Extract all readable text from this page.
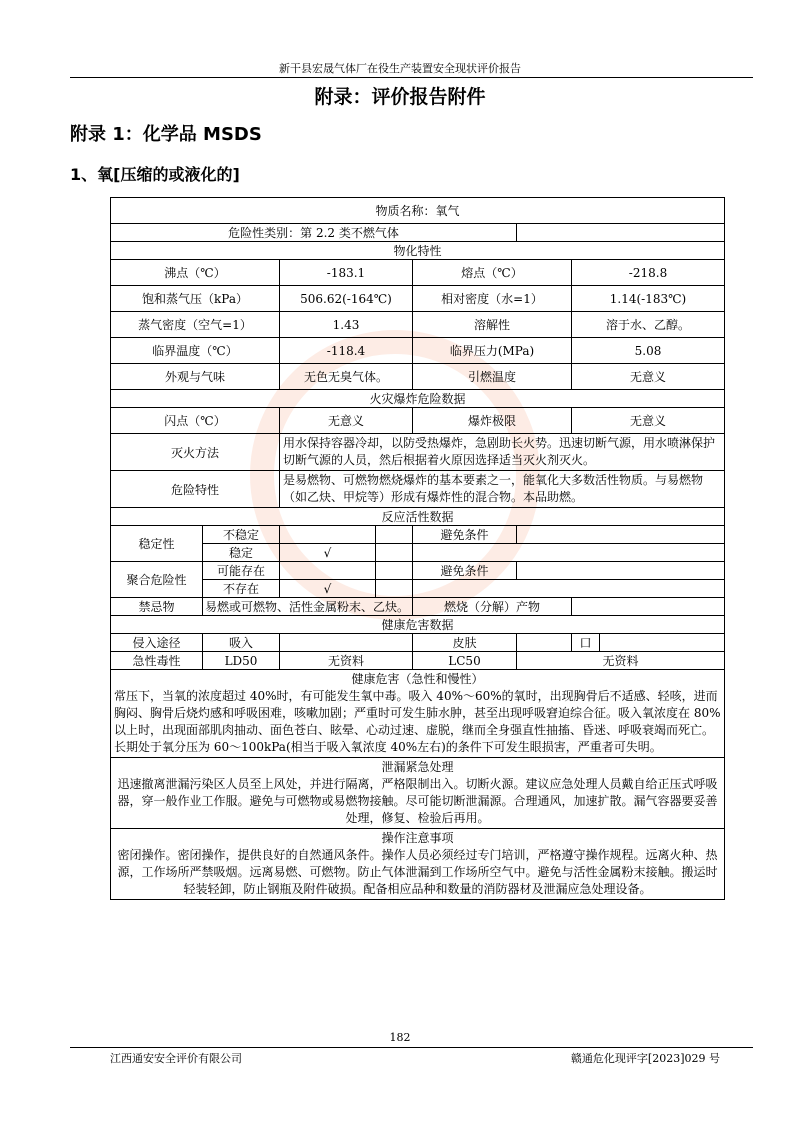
新干县宏晟气体厂在役生产装置安全现状评价报告
附录：评价报告附件
附录 1：化学品 MSDS
1、氧[压缩的或液化的]
物质名称：氧气							
危险性类别：第 2.2 类不燃气体							
物化特性							
沸点（℃）		-183.1		熔点（℃）		-218.8	
饱和蒸气压（kPa）		506.62(-164℃)		相对密度（水=1）		1.14(-183℃)	
蒸气密度（空气=1）		1.43		溶解性		溶于水、乙醇。	
临界温度（℃）		-118.4		临界压力(MPa)		5.08	
外观与气味		无色无臭气体。		引燃温度		无意义	
火灾爆炸危险数据							
闪点（℃）		无意义		爆炸极限		无意义	
灭火方法		用水保持容器冷却，以防受热爆炸，急剧助长火势。迅速切断气源，用水喷淋保护切断气源的人员，然后根据着火原因选择适当灭火剂灭火。					
危险特性		是易燃物、可燃物燃烧爆炸的基本要素之一，能氧化大多数活性物质。与易燃物（如乙炔、甲烷等）形成有爆炸性的混合物。本品助燃。					
反应活性数据							
稳定性	不稳定			避免条件			
	稳定	√					
聚合危险性	可能存在			避免条件			
	不存在	√					
禁忌物	易燃或可燃物、活性金属粉末、乙炔。			燃烧（分解）产物			
健康危害数据							
侵入途径	吸入			皮肤		口	
急性毒性	LD50	无资料		LC50	无资料		

健康危害（急性和慢性）
常压下，当氧的浓度超过 40%时，有可能发生氧中毒。吸入 40%～60%的氧时，出现胸骨后不适感、轻咳，进而胸闷、胸骨后烧灼感和呼吸困难，咳嗽加剧；严重时可发生肺水肿，甚至出现呼吸窘迫综合征。吸入氧浓度在 80%以上时，出现面部肌肉抽动、面色苍白、眩晕、心动过速、虚脱，继而全身强直性抽搐、昏迷、呼吸衰竭而死亡。长期处于氧分压为 60～100kPa(相当于吸入氧浓度 40%左右)的条件下可发生眼损害，严重者可失明。							

泄漏紧急处理
迅速撤离泄漏污染区人员至上风处，并进行隔离，严格限制出入。切断火源。建议应急处理人员戴自给正压式呼吸器，穿一般作业工作服。避免与可燃物或易燃物接触。尽可能切断泄漏源。合理通风，加速扩散。漏气容器要妥善处理，修复、检验后再用。							

操作注意事项
密闭操作。密闭操作，提供良好的自然通风条件。操作人员必须经过专门培训，严格遵守操作规程。远离火种、热源，工作场所严禁吸烟。远离易燃、可燃物。防止气体泄漏到工作场所空气中。避免与活性金属粉末接触。搬运时轻装轻卸，防止钢瓶及附件破损。配备相应品种和数量的消防器材及泄漏应急处理设备。							
182
江西通安安全评价有限公司	赣通危化现评字[2023]029 号
